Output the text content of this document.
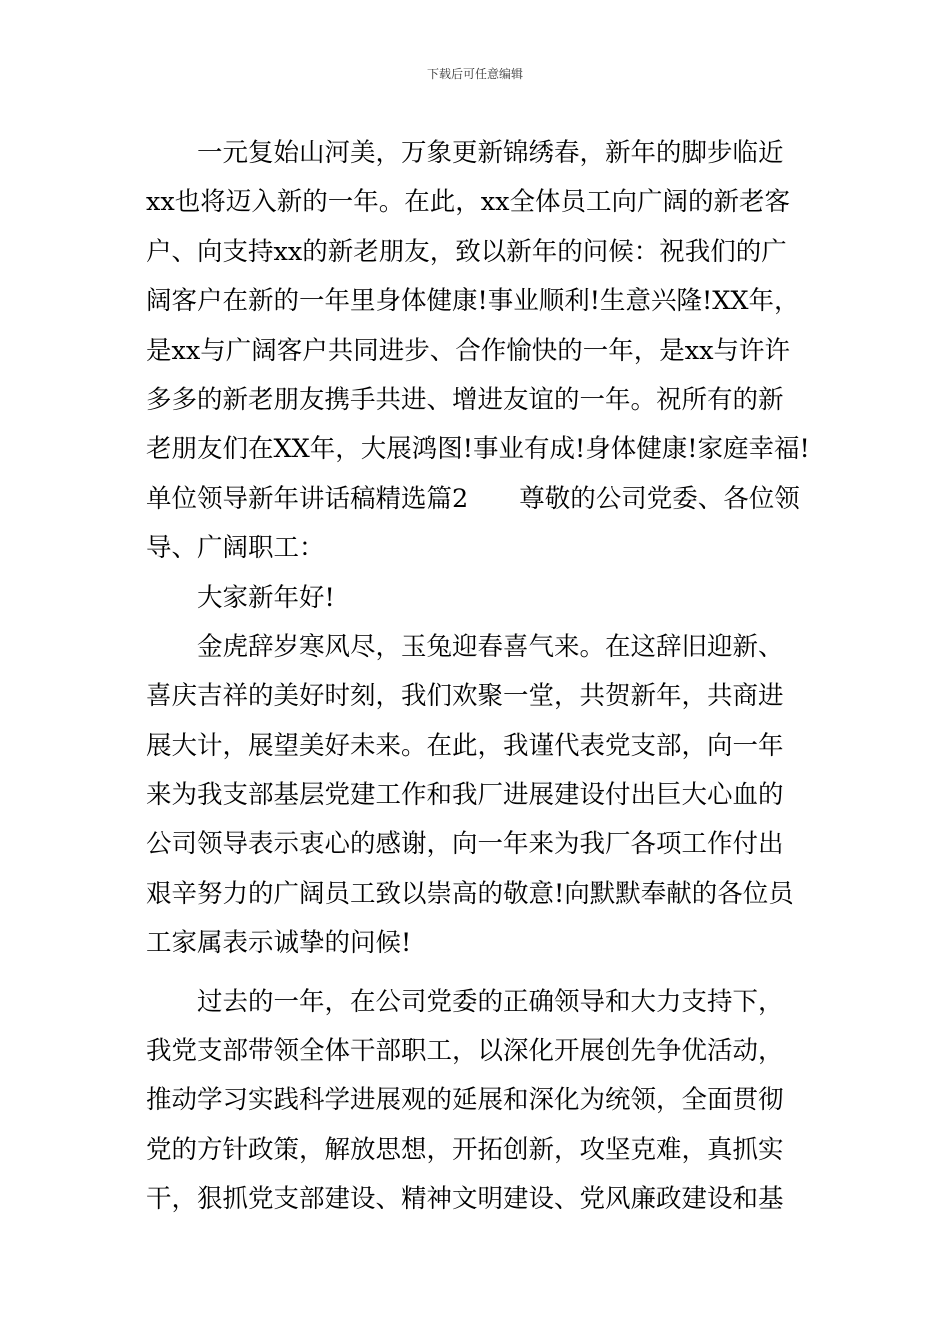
下载后可任意编辑
一元复始山河美，万象更新锦绣春，新年的脚步临近
xx也将迈入新的一年。在此，xx全体员工向广阔的新老客
户、向支持xx的新老朋友，致以新年的问候：祝我们的广
阔客户在新的一年里身体健康!事业顺利!生意兴隆!XX年，
是xx与广阔客户共同进步、合作愉快的一年，是xx与许许
多多的新老朋友携手共进、增进友谊的一年。祝所有的新
老朋友们在XX年，大展鸿图!事业有成!身体健康!家庭幸福!
单位领导新年讲话稿精选篇2　　尊敬的公司党委、各位领
导、广阔职工：
大家新年好!
金虎辞岁寒风尽，玉兔迎春喜气来。在这辞旧迎新、
喜庆吉祥的美好时刻，我们欢聚一堂，共贺新年，共商进
展大计，展望美好未来。在此，我谨代表党支部，向一年
来为我支部基层党建工作和我厂进展建设付出巨大心血的
公司领导表示衷心的感谢，向一年来为我厂各项工作付出
艰辛努力的广阔员工致以崇高的敬意!向默默奉献的各位员
工家属表示诚挚的问候!
过去的一年，在公司党委的正确领导和大力支持下，
我党支部带领全体干部职工，以深化开展创先争优活动，
推动学习实践科学进展观的延展和深化为统领，全面贯彻
党的方针政策，解放思想，开拓创新，攻坚克难，真抓实
干，狠抓党支部建设、精神文明建设、党风廉政建设和基
